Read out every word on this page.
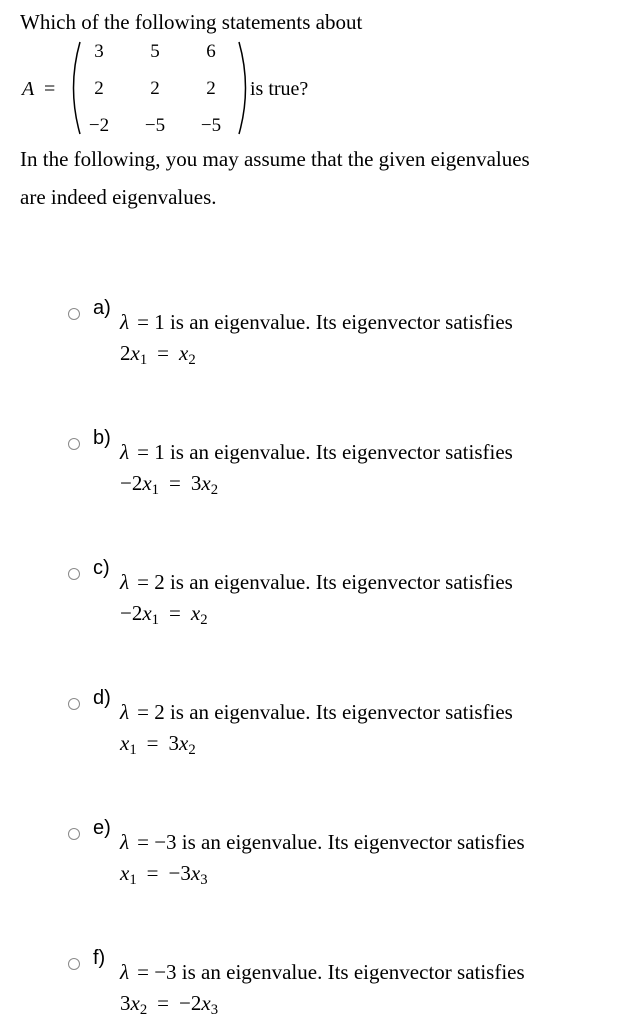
Which of the following statements about
A =
3	5	6
2	2	2
−2	−5	−5
is true?
In the following, you may assume that the given eigenvalues
are indeed eigenvalues.
a)
λ = 1 is an eigenvalue. Its eigenvector satisfies
$2x_1 = x_2$
b)
λ = 1 is an eigenvalue. Its eigenvector satisfies
$-2x_1 = 3x_2$
c)
λ = 2 is an eigenvalue. Its eigenvector satisfies
$-2x_1 = x_2$
d)
λ = 2 is an eigenvalue. Its eigenvector satisfies
$x_1 = 3x_2$
e)
λ = −3 is an eigenvalue. Its eigenvector satisfies
$x_1 = -3x_3$
f)
λ = −3 is an eigenvalue. Its eigenvector satisfies
$3x_2 = -2x_3$
